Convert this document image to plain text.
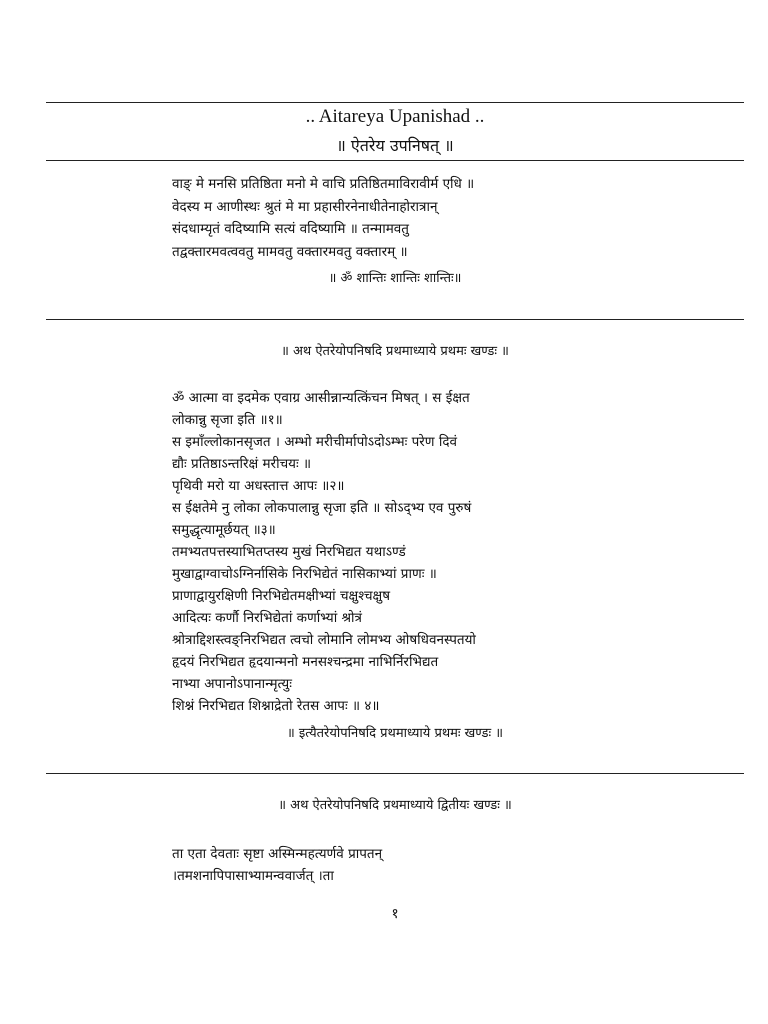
.. Aitareya Upanishad ..
॥ ऐतरेय उपनिषत् ॥
वाङ् मे मनसि प्रतिष्ठिता मनो मे वाचि प्रतिष्ठितमाविरावीर्म एधि ॥
वेदस्य म आणीस्थः श्रुतं मे मा प्रहासीरनेनाधीतेनाहोरात्रान्
संदधाम्यृतं वदिष्यामि सत्यं वदिष्यामि ॥ तन्मामवतु
तद्वक्तारमवत्ववतु मामवतु वक्तारमवतु वक्तारम् ॥
॥ ॐ शान्तिः शान्तिः शान्तिः॥
॥ अथ ऐतरेयोपनिषदि प्रथमाध्याये प्रथमः खण्डः ॥
ॐ आत्मा वा इदमेक एवाग्र आसीन्नान्यत्किंचन मिषत् । स ईक्षत
लोकान्नु सृजा इति ॥१॥
स इमाँल्लोकानसृजत । अम्भो मरीचीर्मापोऽदोऽम्भः परेण दिवं
द्यौः प्रतिष्ठाऽन्तरिक्षं मरीचयः ॥
पृथिवी मरो या अधस्तात्त आपः ॥२॥
स ईक्षतेमे नु लोका लोकपालान्नु सृजा इति ॥ सोऽद्भ्य एव पुरुषं
समुद्धृत्यामूर्छयत् ॥३॥
तमभ्यतपत्तस्याभितप्तस्य मुखं निरभिद्यत यथाऽण्डं
मुखाद्वाग्वाचोऽग्निर्नासिके निरभिद्येतं नासिकाभ्यां प्राणः ॥
प्राणाद्वायुरक्षिणी निरभिद्येतमक्षीभ्यां चक्षुश्चक्षुष
आदित्यः कर्णौ निरभिद्येतां कर्णाभ्यां श्रोत्रं
श्रोत्राद्दिशस्त्वङ्निरभिद्यत त्वचो लोमानि लोमभ्य ओषधिवनस्पतयो
हृदयं निरभिद्यत हृदयान्मनो मनसश्चन्द्रमा नाभिर्निरभिद्यत
नाभ्या अपानोऽपानान्मृत्युः
शिश्नं निरभिद्यत शिश्नाद्रेतो रेतस आपः ॥ ४॥
॥ इत्यैतरेयोपनिषदि प्रथमाध्याये प्रथमः खण्डः ॥
॥ अथ ऐतरेयोपनिषदि प्रथमाध्याये द्वितीयः खण्डः ॥
ता एता देवताः सृष्टा अस्मिन्महत्यर्णवे प्रापतन्
।तमशनापिपासाभ्यामन्ववार्जत् ।ता
१
